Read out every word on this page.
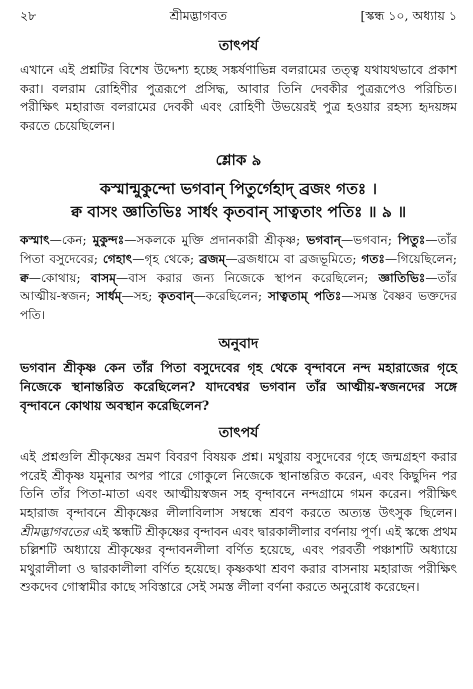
২৮	শ্রীমদ্ভাগবত	[স্কন্ধ ১০, অধ্যায় ১
তাৎপর্য

এখানে এই প্রশ্নটির বিশেষ উদ্দেশ্য হচ্ছে সঙ্কর্ষণাভিন্ন বলরামের তত্ত্ব যথাযথভাবে প্রকাশ করা। বলরাম রোহিণীর পুত্ররূপে প্রসিদ্ধ, আবার তিনি দেবকীর পুত্ররূপেও পরিচিত। পরীক্ষিৎ মহারাজ বলরামের দেবকী এবং রোহিণী উভয়েরই পুত্র হওয়ার রহস্য হৃদয়ঙ্গম করতে চেয়েছিলেন।

শ্লোক ৯
কস্মান্মুকুন্দো ভগবান্ পিতুর্গেহাদ্ ব্রজং গতঃ ।
ক্ব বাসং জ্ঞাতিভিঃ সার্ধং কৃতবান্ সাত্বতাং পতিঃ ॥ ৯ ॥
কস্মাৎ—কেন; মুকুন্দঃ—সকলকে মুক্তি প্রদানকারী শ্রীকৃষ্ণ; ভগবান্—ভগবান; পিতুঃ—তাঁর পিতা বসুদেবের; গেহাৎ—গৃহ থেকে; ব্রজম্—ব্রজধামে বা ব্রজভূমিতে; গতঃ—গিয়েছিলেন; ক্ব—কোথায়; বাসম্—বাস করার জন্য নিজেকে স্থাপন করেছিলেন; জ্ঞাতিভিঃ—তাঁর আত্মীয়-স্বজন; সার্ধম্—সহ; কৃতবান্—করেছিলেন; সাত্বতাম্ পতিঃ—সমস্ত বৈষ্ণব ভক্তদের পতি।
অনুবাদ

ভগবান শ্রীকৃষ্ণ কেন তাঁর পিতা বসুদেবের গৃহ থেকে বৃন্দাবনে নন্দ মহারাজের গৃহে নিজেকে স্থানান্তরিত করেছিলেন? যাদবেশ্বর ভগবান তাঁর আত্মীয়-স্বজনদের সঙ্গে বৃন্দাবনে কোথায় অবস্থান করেছিলেন?

তাৎপর্য

এই প্রশ্নগুলি শ্রীকৃষ্ণের ভ্রমণ বিবরণ বিষয়ক প্রশ্ন। মথুরায় বসুদেবের গৃহে জন্মগ্রহণ করার পরেই শ্রীকৃষ্ণ যমুনার অপর পারে গোকুলে নিজেকে স্থানান্তরিত করেন, এবং কিছুদিন পর তিনি তাঁর পিতা-মাতা এবং আত্মীয়স্বজন সহ বৃন্দাবনে নন্দগ্রামে গমন করেন। পরীক্ষিৎ মহারাজ বৃন্দাবনে শ্রীকৃষ্ণের লীলাবিলাস সম্বন্ধে শ্রবণ করতে অত্যন্ত উৎসুক ছিলেন। শ্রীমদ্ভাগবতের এই স্কন্ধটি শ্রীকৃষ্ণের বৃন্দাবন এবং দ্বারকালীলার বর্ণনায় পূর্ণ। এই স্কন্ধে প্রথম চল্লিশটি অধ্যায়ে শ্রীকৃষ্ণের বৃন্দাবনলীলা বর্ণিত হয়েছে, এবং পরবর্তী পঞ্চাশটি অধ্যায়ে মথুরালীলা ও দ্বারকালীলা বর্ণিত হয়েছে। কৃষ্ণকথা শ্রবণ করার বাসনায় মহারাজ পরীক্ষিৎ শুকদেব গোস্বামীর কাছে সবিস্তারে সেই সমস্ত লীলা বর্ণনা করতে অনুরোধ করেছেন।
